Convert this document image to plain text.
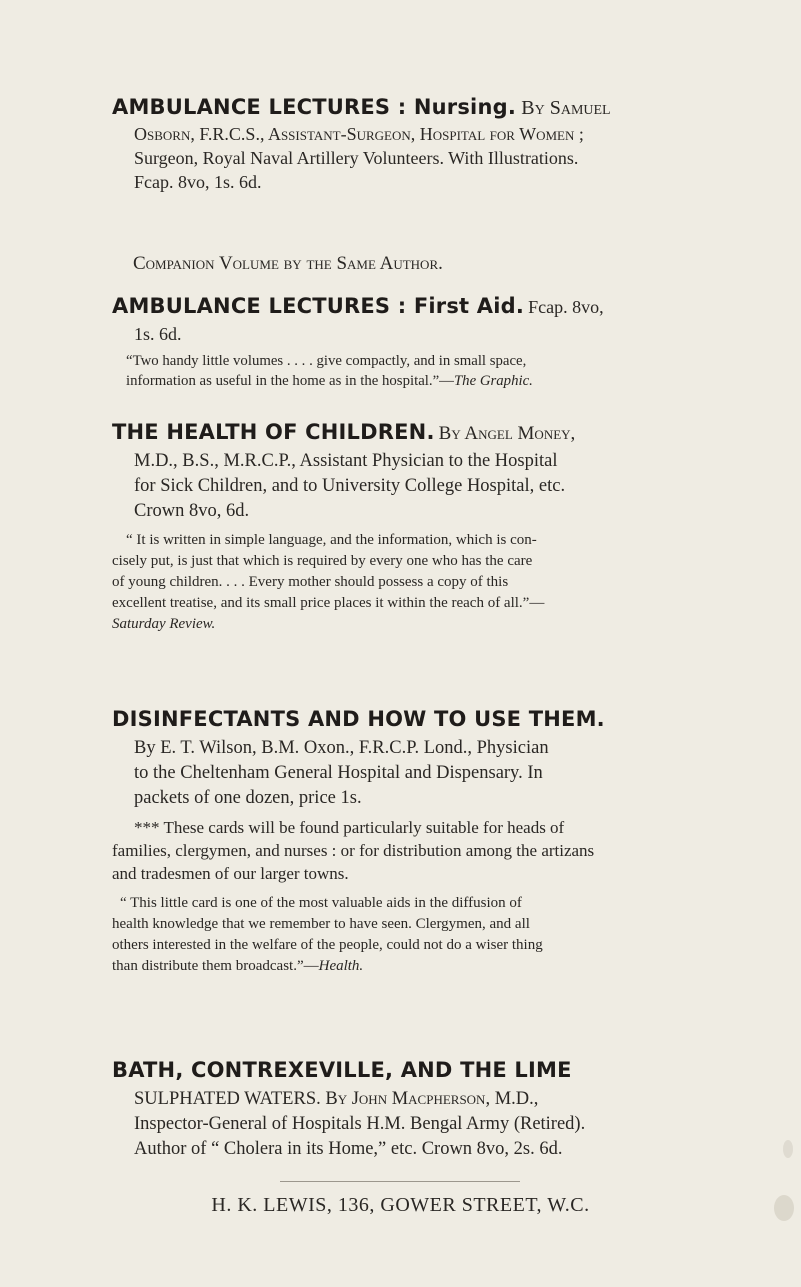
AMBULANCE LECTURES : Nursing. By Samuel
Osborn, F.R.C.S., Assistant-Surgeon, Hospital for Women ;
Surgeon, Royal Naval Artillery Volunteers. With Illustrations.
Fcap. 8vo, 1s. 6d.
Companion Volume by the Same Author.
AMBULANCE LECTURES : First Aid. Fcap. 8vo,
1s. 6d.
“Two handy little volumes . . . . give compactly, and in small space,
information as useful in the home as in the hospital.”—The Graphic.
THE HEALTH OF CHILDREN. By Angel Money,
M.D., B.S., M.R.C.P., Assistant Physician to the Hospital
for Sick Children, and to University College Hospital, etc.
Crown 8vo, 6d.
“ It is written in simple language, and the information, which is con-
cisely put, is just that which is required by every one who has the care
of young children. . . . Every mother should possess a copy of this
excellent treatise, and its small price places it within the reach of all.”—
Saturday Review.
DISINFECTANTS AND HOW TO USE THEM.
By E. T. Wilson, B.M. Oxon., F.R.C.P. Lond., Physician
to the Cheltenham General Hospital and Dispensary. In
packets of one dozen, price 1s.
*** These cards will be found particularly suitable for heads of
families, clergymen, and nurses : or for distribution among the artizans
and tradesmen of our larger towns.
“ This little card is one of the most valuable aids in the diffusion of
health knowledge that we remember to have seen. Clergymen, and all
others interested in the welfare of the people, could not do a wiser thing
than distribute them broadcast.”—Health.
BATH, CONTREXEVILLE, AND THE LIME
SULPHATED WATERS. By John Macpherson, M.D.,
Inspector-General of Hospitals H.M. Bengal Army (Retired).
Author of “ Cholera in its Home,” etc. Crown 8vo, 2s. 6d.
H. K. LEWIS, 136, GOWER STREET, W.C.
